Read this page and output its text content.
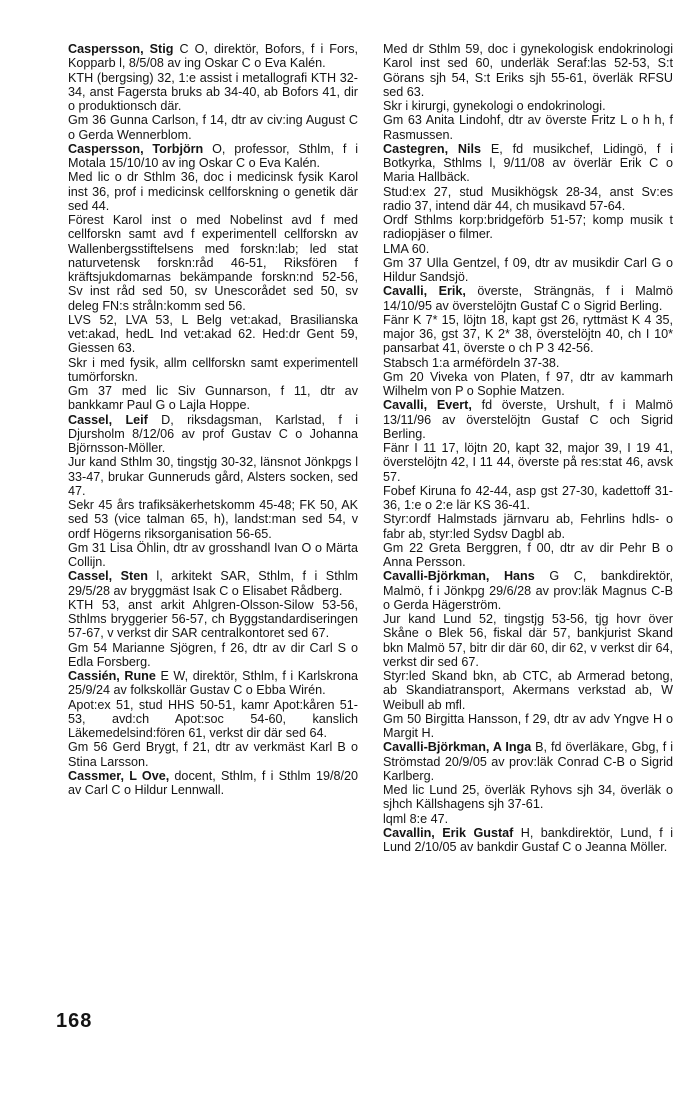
Caspersson, Stig C O, direktör, Bofors, f i Fors, Kopparb l, 8/5/08 av ing Oskar C o Eva Kalén.
KTH (bergsing) 32, 1:e assist i metallografi KTH 32-34, anst Fagersta bruks ab 34-40, ab Bofors 41, dir o produktionsch där.
Gm 36 Gunna Carlson, f 14, dtr av civ:ing August C o Gerda Wennerblom.

Caspersson, Torbjörn O, professor, Sthlm, f i Motala 15/10/10 av ing Oskar C o Eva Kalén.
Med lic o dr Sthlm 36, doc i medicinsk fysik Karol inst 36, prof i medicinsk cellforskning o genetik där sed 44.
Förest Karol inst o med Nobelinst avd f med cellforskn samt avd f experimentell cellforskn av Wallenbergsstiftelsens med forskn:lab; led stat naturvetensk forskn:råd 46-51, Riksfören f kräftsjukdomarnas bekämpande forskn:nd 52-56, Sv inst råd sed 50, sv Unescorådet sed 50, sv deleg FN:s stråln:komm sed 56.
LVS 52, LVA 53, L Belg vet:akad, Brasilianska vet:akad, hedL Ind vet:akad 62. Hed:dr Gent 59, Giessen 63.
Skr i med fysik, allm cellforskn samt experimentell tumörforskn.
Gm 37 med lic Siv Gunnarson, f 11, dtr av bankkamr Paul G o Lajla Hoppe.

Cassel, Leif D, riksdagsman, Karlstad, f i Djursholm 8/12/06 av prof Gustav C o Johanna Björnsson-Möller.
Jur kand Sthlm 30, tingstjg 30-32, länsnot Jönkpgs l 33-47, brukar Gunneruds gård, Alsters socken, sed 47.
Sekr 45 års trafiksäkerhetskomm 45-48; FK 50, AK sed 53 (vice talman 65, h), landst:man sed 54, v ordf Högerns riksorganisation 56-65.
Gm 31 Lisa Öhlin, dtr av grosshandl Ivan O o Märta Collijn.

Cassel, Sten l, arkitekt SAR, Sthlm, f i Sthlm 29/5/28 av bryggmäst Isak C o Elisabet Rådberg.
KTH 53, anst arkit Ahlgren-Olsson-Silow 53-56, Sthlms bryggerier 56-57, ch Byggstandardiseringen 57-67, v verkst dir SAR centralkontoret sed 67.
Gm 54 Marianne Sjögren, f 26, dtr av dir Carl S o Edla Forsberg.

Cassién, Rune E W, direktör, Sthlm, f i Karlskrona 25/9/24 av folkskollär Gustav C o Ebba Wirén.
Apot:ex 51, stud HHS 50-51, kamr Apot:kåren 51-53, avd:ch Apot:soc 54-60, kanslich Läkemedelsind:fören 61, verkst dir där sed 64.
Gm 56 Gerd Brygt, f 21, dtr av verkmäst Karl B o Stina Larsson.

Cassmer, L Ove, docent, Sthlm, f i Sthlm 19/8/20 av Carl C o Hildur Lennwall.

Med dr Sthlm 59, doc i gynekologisk endokrinologi Karol inst sed 60, underläk Seraf:las 52-53, S:t Görans sjh 54, S:t Eriks sjh 55-61, överläk RFSU sed 63.
Skr i kirurgi, gynekologi o endokrinologi.
Gm 63 Anita Lindohf, dtr av överste Fritz L o h h, f Rasmussen.

Castegren, Nils E, fd musikchef, Lidingö, f i Botkyrka, Sthlms l, 9/11/08 av överlär Erik C o Maria Hallbäck.
Stud:ex 27, stud Musikhögsk 28-34, anst Sv:es radio 37, intend där 44, ch musikavd 57-64.
Ordf Sthlms korp:bridgeförb 51-57; komp musik t radiopjäser o filmer.
LMA 60.
Gm 37 Ulla Gentzel, f 09, dtr av musikdir Carl G o Hildur Sandsjö.

Cavalli, Erik, överste, Strängnäs, f i Malmö 14/10/95 av överstelöjtn Gustaf C o Sigrid Berling.
Fänr K 7* 15, löjtn 18, kapt gst 26, ryttmäst K 4 35, major 36, gst 37, K 2* 38, överstelöjtn 40, ch I 10* pansarbat 41, överste o ch P 3 42-56.
Stabsch 1:a arméfördeln 37-38.
Gm 20 Viveka von Platen, f 97, dtr av kammarh Wilhelm von P o Sophie Matzen.

Cavalli, Evert, fd överste, Urshult, f i Malmö 13/11/96 av överstelöjtn Gustaf C och Sigrid Berling.
Fänr I 11 17, löjtn 20, kapt 32, major 39, I 19 41, överstelöjtn 42, I 11 44, överste på res:stat 46, avsk 57.
Fobef Kiruna fo 42-44, asp gst 27-30, kadettoff 31-36, 1:e o 2:e lär KS 36-41.
Styr:ordf Halmstads järnvaru ab, Fehrlins hdls- o fabr ab, styr:led Sydsv Dagbl ab.
Gm 22 Greta Berggren, f 00, dtr av dir Pehr B o Anna Persson.

Cavalli-Björkman, Hans G C, bankdirektör, Malmö, f i Jönkpg 29/6/28 av prov:läk Magnus C-B o Gerda Hägerström.
Jur kand Lund 52, tingstjg 53-56, tjg hovr över Skåne o Blek 56, fiskal där 57, bankjurist Skand bkn Malmö 57, bitr dir där 60, dir 62, v verkst dir 64, verkst dir sed 67.
Styr:led Skand bkn, ab CTC, ab Armerad betong, ab Skandiatransport, Akermans verkstad ab, W Weibull ab mfl.
Gm 50 Birgitta Hansson, f 29, dtr av adv Yngve H o Margit H.

Cavalli-Björkman, A Inga B, fd överläkare, Gbg, f i Strömstad 20/9/05 av prov:läk Conrad C-B o Sigrid Karlberg.
Med lic Lund 25, överläk Ryhovs sjh 34, överläk o sjhch Källshagens sjh 37-61.
lqml 8:e 47.

Cavallin, Erik Gustaf H, bankdirektör, Lund, f i Lund 2/10/05 av bankdir Gustaf C o Jeanna Möller.

168
